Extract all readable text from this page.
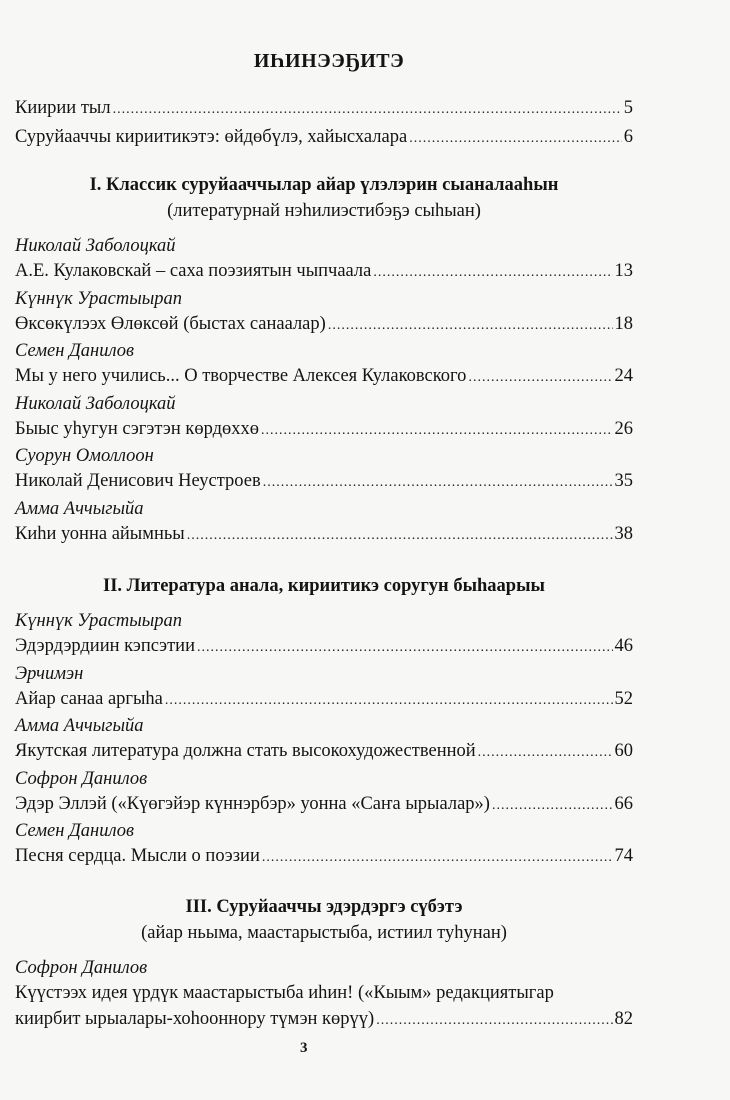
ИҺИНЭЭҔИТЭ
Киирии тыл .....	5
Суруйааччы кириитикэтэ: өйдөбүлэ, хайысхалара .....	6
I. Классик суруйааччылар айар үлэлэрин сыаналааһын
(литературнай нэһилиэстибэҕэ сыһыан)
Николай Заболоцкай
А.Е. Кулаковскай – саха поэзиятын чыпчаала .....	13
Күннүк Урастыырап
Өксөкүлээх Өлөксөй (быстах санаалар) .....	18
Семен Данилов
Мы у него учились... О творчестве Алексея Кулаковского .....	24
Николай Заболоцкай
Быыс уһугун сэгэтэн көрдөххө .....	26
Суорун Омоллоон
Николай Денисович Неустроев .....	35
Амма Аччыгыйа
Киһи уонна айымньы .....	38
II. Литература анала, кириитикэ соругун быһаарыы
Күннүк Урастыырап
Эдэрдэрдиин кэпсэтии .....	46
Эрчимэн
Айар санаа аргыһа .....	52
Амма Аччыгыйа
Якутская литература должна стать высокохудожественной .....	60
Софрон Данилов
Эдэр Эллэй («Күөгэйэр күннэрбэр» уонна «Саҥа ырыалар») .....	66
Семен Данилов
Песня сердца. Мысли о поэзии .....	74
III. Суруйааччы эдэрдэргэ сүбэтэ
(айар ньыма, маастарыстыба, истиил туһунан)
Софрон Данилов
Күүстээх идея үрдүк маастарыстыба иһин! («Кыым» редакциятыгар
киирбит ырыалары-хоһооннору түмэн көрүү) .....	82
3
